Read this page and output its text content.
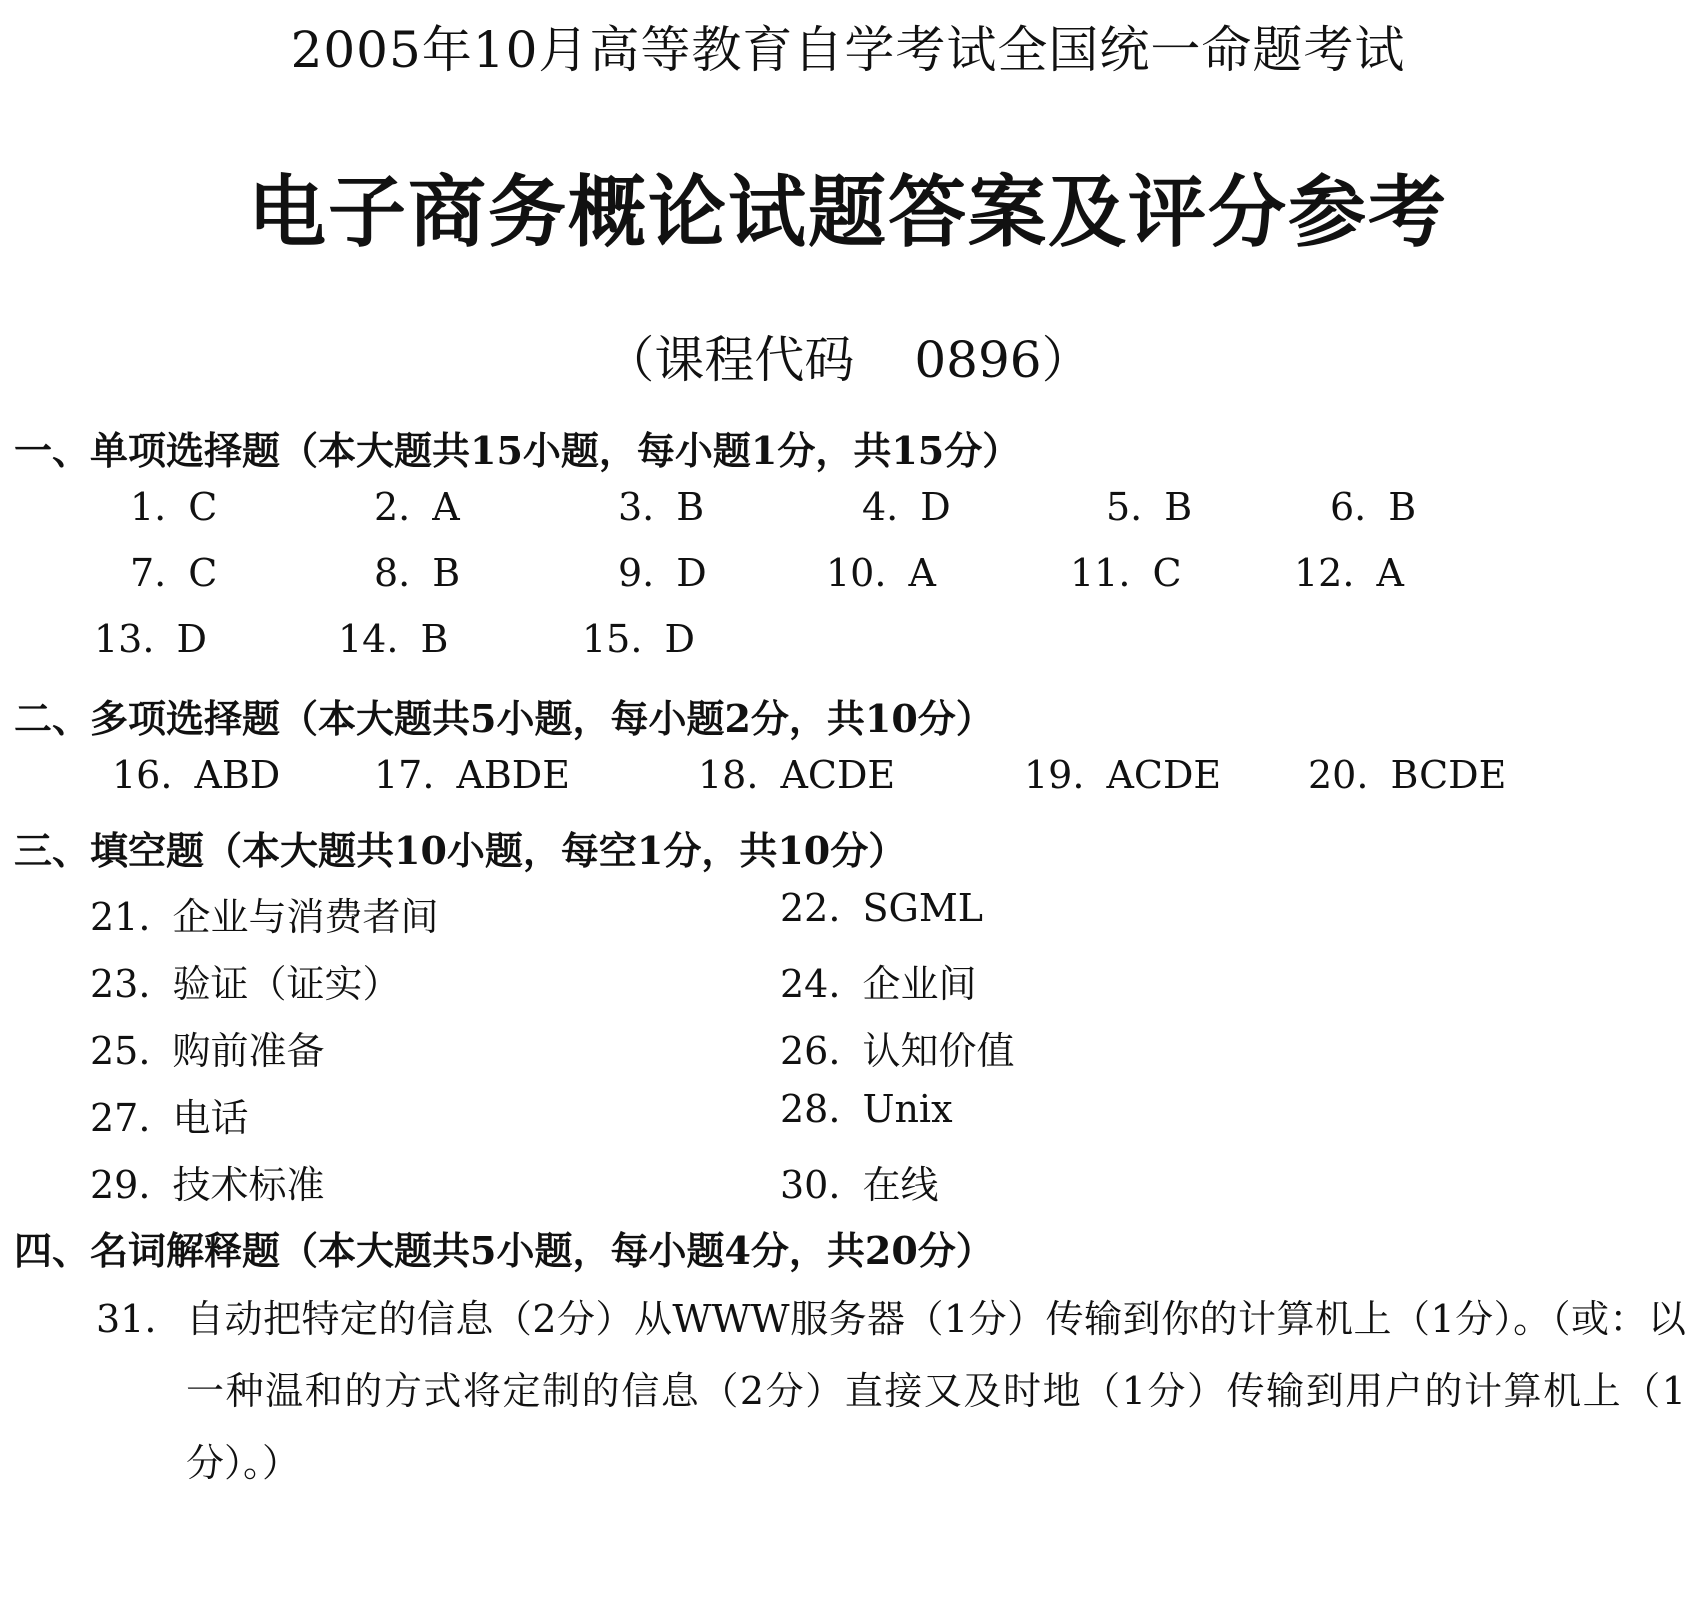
2005年10月高等教育自学考试全国统一命题考试
电子商务概论试题答案及评分参考
（课程代码 0896）
一、单项选择题（本大题共15小题，每小题1分，共15分）
1. C	2. A	3. B	4. D	5. B	6. B
7. C	8. B	9. D	10. A	11. C	12. A
13. D	14. B	15. D
二、多项选择题（本大题共5小题，每小题2分，共10分）
16. ABD 17. ABDE	18. ACDE	19. ACDE 20. BCDE
三、填空题（本大题共10小题，每空1分，共10分）
21. 企业与消费者间	22. SGML
23. 验证（证实）	24. 企业间
25. 购前准备	26. 认知价值
27. 电话	28. Unix
29. 技术标准	30. 在线
四、名词解释题（本大题共5小题，每小题4分，共20分）
31. 自动把特定的信息（2分）从WWW服务器（1分）传输到你的计算机上（1分）。（或：以一种温和的方式将定制的信息（2分）直接又及时地（1分）传输到用户的计算机上（1分）。）
